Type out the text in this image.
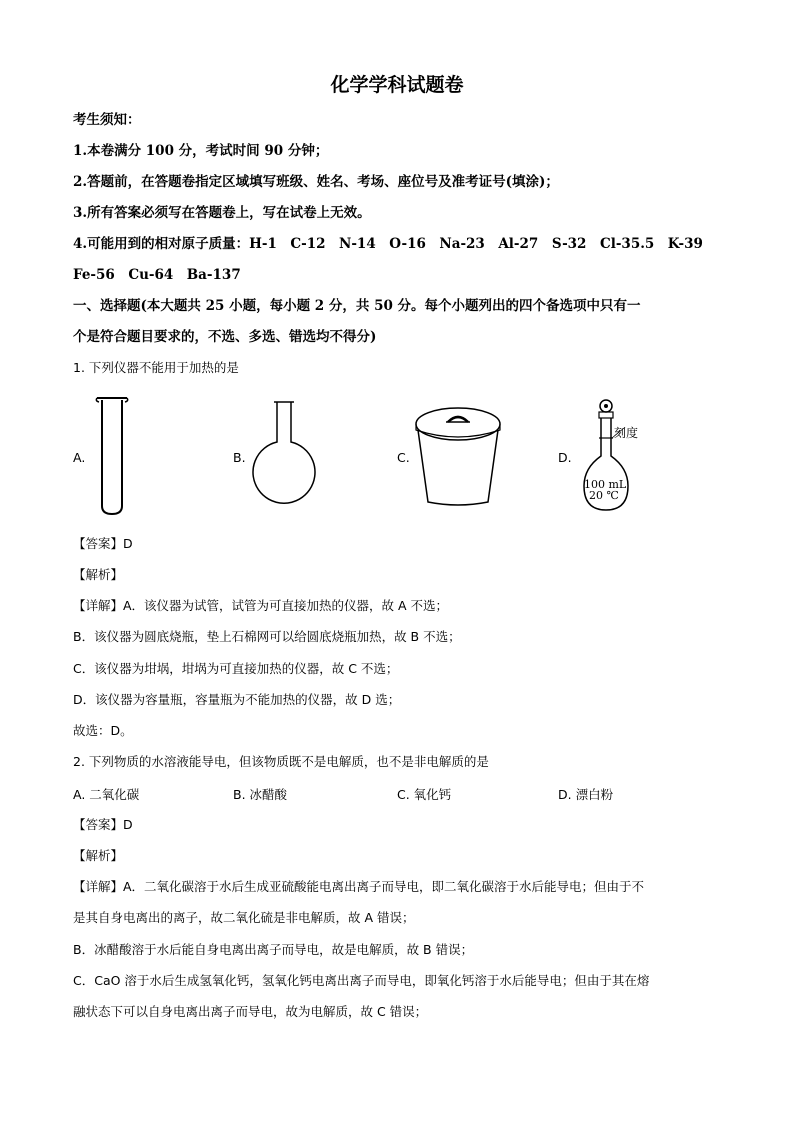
化学学科试题卷
考生须知：
1.本卷满分 100 分，考试时间 90 分钟；
2.答题前，在答题卷指定区域填写班级、姓名、考场、座位号及准考证号(填涂)；
3.所有答案必须写在答题卷上，写在试卷上无效。
4.可能用到的相对原子质量：H-1　C-12　N-14　O-16　Na-23　Al-27　S-32　Cl-35.5　K-39
Fe-56　Cu-64　Ba-137
一、选择题(本大题共 25 小题，每小题 2 分，共 50 分。每个小题列出的四个备选项中只有一
个是符合题目要求的，不选、多选、错选均不得分)
1. 下列仪器不能用于加热的是
A.	B.	C.	D.
刻度
100 mL
20 ℃
【答案】D
【解析】
【详解】A．该仪器为试管，试管为可直接加热的仪器，故 A 不选；
B．该仪器为圆底烧瓶，垫上石棉网可以给圆底烧瓶加热，故 B 不选；
C．该仪器为坩埚，坩埚为可直接加热的仪器，故 C 不选；
D．该仪器为容量瓶，容量瓶为不能加热的仪器，故 D 选；
故选：D。
2. 下列物质的水溶液能导电，但该物质既不是电解质，也不是非电解质的是
A. 二氧化碳	B. 冰醋酸	C. 氧化钙	D. 漂白粉
【答案】D
【解析】
【详解】A．二氧化碳溶于水后生成亚硫酸能电离出离子而导电，即二氧化碳溶于水后能导电；但由于不
是其自身电离出的离子，故二氧化硫是非电解质，故 A 错误；
B．冰醋酸溶于水后能自身电离出离子而导电，故是电解质，故 B 错误；
C．CaO 溶于水后生成氢氧化钙，氢氧化钙电离出离子而导电，即氧化钙溶于水后能导电；但由于其在熔
融状态下可以自身电离出离子而导电，故为电解质，故 C 错误；
